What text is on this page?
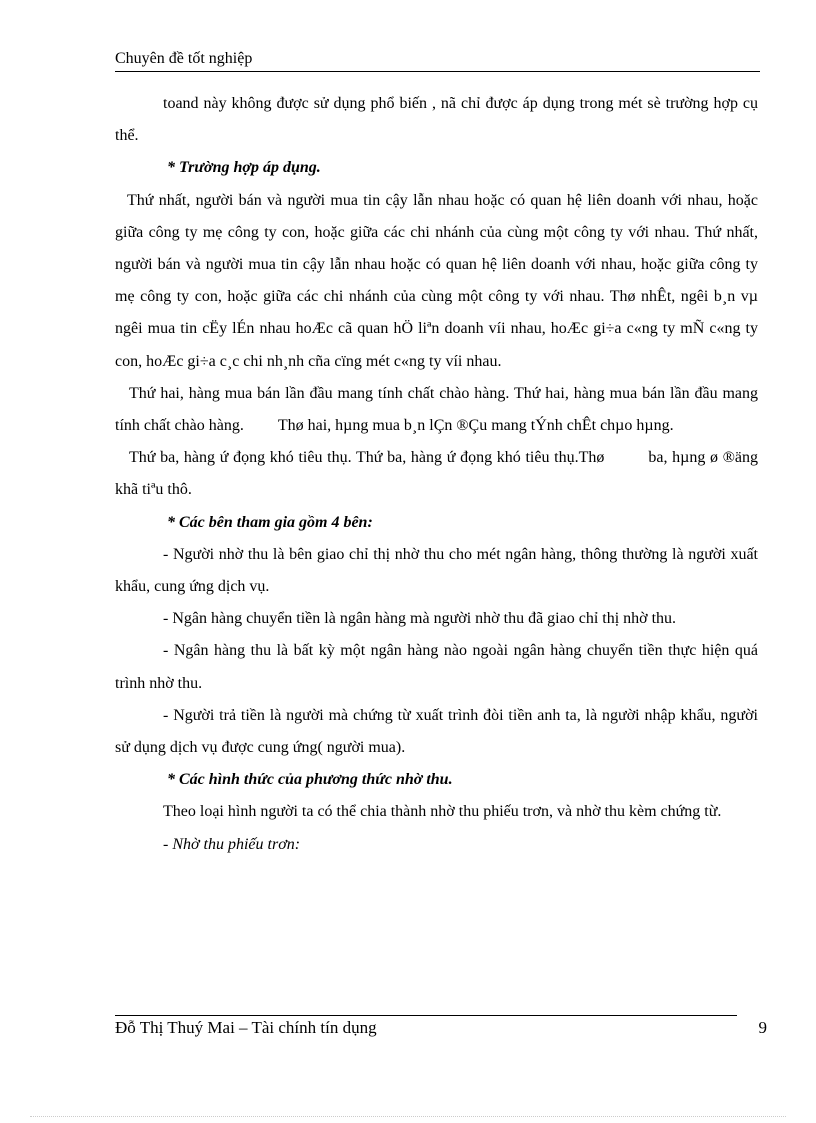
Chuyên đề tốt nghiệp

toand này không được sử dụng phổ biến , nã chỉ được áp dụng trong mét sè trường hợp cụ thể.

* Trường hợp áp dụng.

Thứ nhất, người bán và người mua tin cậy lẫn nhau hoặc có quan hệ liên doanh với nhau, hoặc giữa công ty mẹ công ty con, hoặc giữa các chi nhánh của cùng một công ty với nhau. Thứ nhất, người bán và người mua tin cậy lẫn nhau hoặc có quan hệ liên doanh với nhau, hoặc giữa công ty mẹ công ty con, hoặc giữa các chi nhánh của cùng một công ty với nhau. Thø nhÊt, ngêi b¸n vµ ngêi mua tin cËy lÉn nhau hoÆc cã quan hÖ liªn doanh víi nhau, hoÆc gi÷a c«ng ty mÑ c«ng ty con, hoÆc gi÷a c¸c chi nh¸nh cña cïng mét c«ng ty víi nhau.

Thứ hai, hàng mua bán lần đầu mang tính chất chào hàng. Thứ hai, hàng mua bán lần đầu mang tính chất chào hàng. Thø hai, hµng mua b¸n lÇn ®Çu mang tÝnh chÊt chµo hµng.

Thứ ba, hàng ứ đọng khó tiêu thụ. Thứ ba, hàng ứ đọng khó tiêu thụ.Thø	ba, hµng ø ®äng khã tiªu thô.

* Các bên tham gia gồm 4 bên:

- Người nhờ thu là bên giao chỉ thị nhờ thu cho mét ngân hàng, thông thường là người xuất khẩu, cung ứng dịch vụ.

- Ngân hàng chuyển tiền là ngân hàng mà người nhờ thu đã giao chỉ thị nhờ thu.

- Ngân hàng thu là bất kỳ một ngân hàng nào ngoài ngân hàng chuyển tiền thực hiện quá trình nhờ thu.

- Người trả tiền là người mà chứng từ xuất trình đòi tiền anh ta, là người nhập khẩu, người sử dụng dịch vụ được cung ứng( người mua).

* Các hình thức của phương thức nhờ thu.

Theo loại hình người ta có thể chia thành nhờ thu phiếu trơn, và nhờ thu kèm chứng từ.

- Nhờ thu phiếu trơn:

Đỗ Thị Thuý Mai – Tài chính tín dụng	9
